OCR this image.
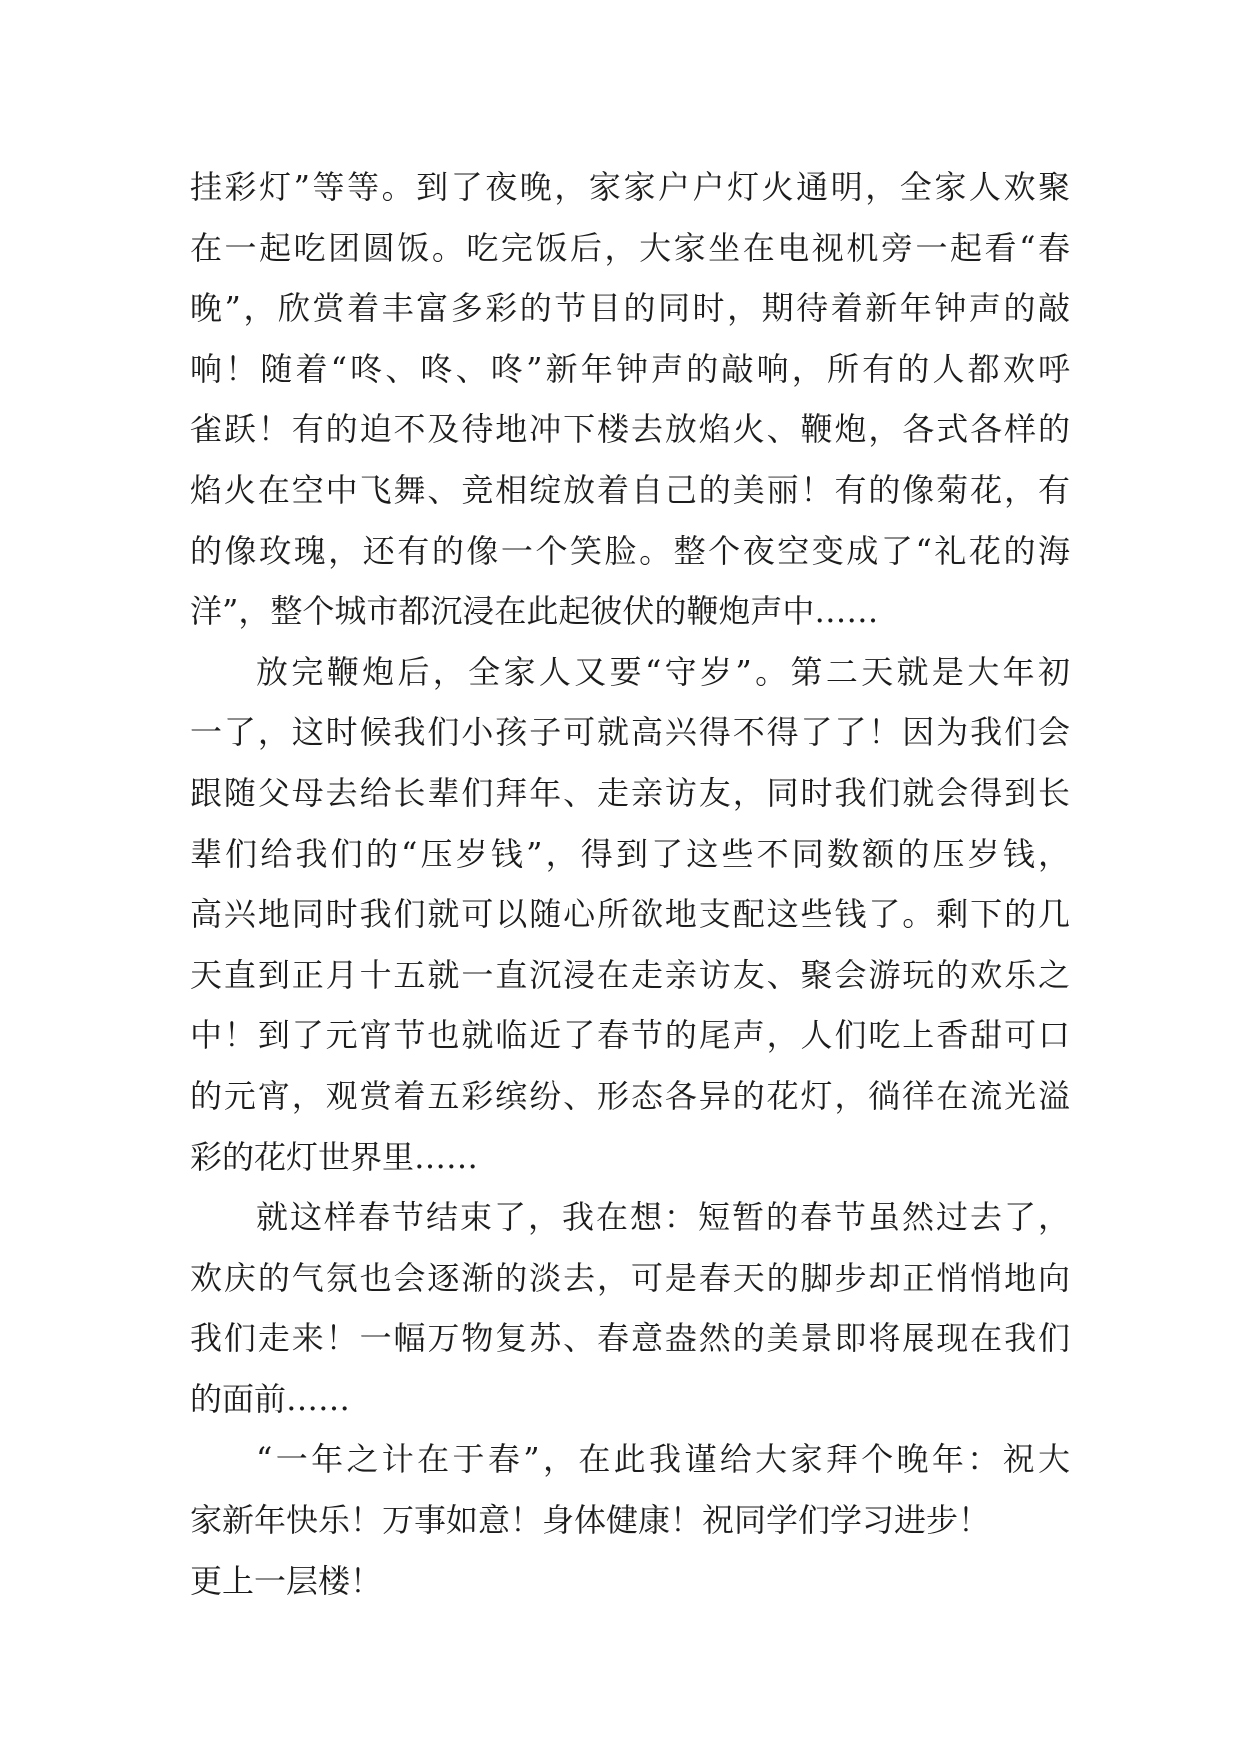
挂彩灯”等等。到了夜晚，家家户户灯火通明，全家人欢聚
在一起吃团圆饭。吃完饭后，大家坐在电视机旁一起看“春
晚”，欣赏着丰富多彩的节目的同时，期待着新年钟声的敲
响！随着“咚、咚、咚”新年钟声的敲响，所有的人都欢呼
雀跃！有的迫不及待地冲下楼去放焰火、鞭炮，各式各样的
焰火在空中飞舞、竞相绽放着自己的美丽！有的像菊花，有
的像玫瑰，还有的像一个笑脸。整个夜空变成了“礼花的海
洋”，整个城市都沉浸在此起彼伏的鞭炮声中……
放完鞭炮后，全家人又要“守岁”。第二天就是大年初
一了，这时候我们小孩子可就高兴得不得了了！因为我们会
跟随父母去给长辈们拜年、走亲访友，同时我们就会得到长
辈们给我们的“压岁钱”，得到了这些不同数额的压岁钱，
高兴地同时我们就可以随心所欲地支配这些钱了。剩下的几
天直到正月十五就一直沉浸在走亲访友、聚会游玩的欢乐之
中！到了元宵节也就临近了春节的尾声，人们吃上香甜可口
的元宵，观赏着五彩缤纷、形态各异的花灯，徜徉在流光溢
彩的花灯世界里……
就这样春节结束了，我在想：短暂的春节虽然过去了，
欢庆的气氛也会逐渐的淡去，可是春天的脚步却正悄悄地向
我们走来！一幅万物复苏、春意盎然的美景即将展现在我们
的面前……
“一年之计在于春”，在此我谨给大家拜个晚年：祝大
家新年快乐！万事如意！身体健康！祝同学们学习进步！
更上一层楼！
